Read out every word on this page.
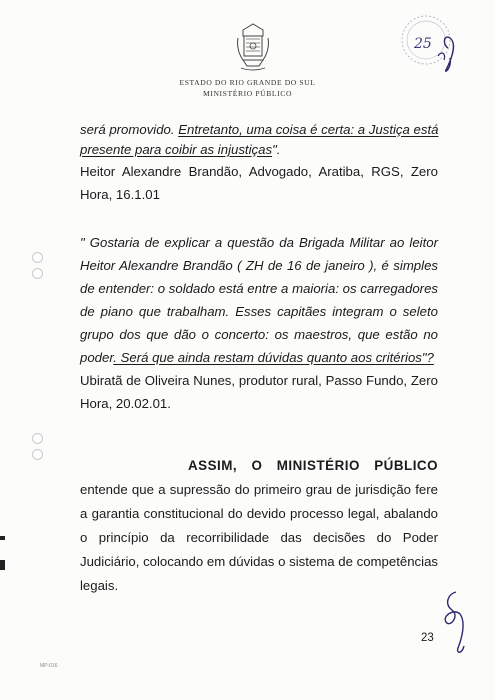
ESTADO DO RIO GRANDE DO SUL
MINISTÉRIO PÚBLICO
25
será promovido. Entretanto, uma coisa é certa: a Justiça está
presente para coibir as injustiças".
Heitor Alexandre Brandão, Advogado, Aratiba, RGS, Zero
Hora, 16.1.01
" Gostaria de explicar a questão da Brigada Militar ao leitor
Heitor Alexandre Brandão ( ZH de 16 de janeiro ), é simples
de entender: o soldado está entre a maioria: os carregadores
de piano que trabalham. Esses capitães integram o seleto
grupo dos que dão o concerto: os maestros, que estão no
poder. Será que ainda restam dúvidas quanto aos critérios"?
Ubiratã de Oliveira Nunes, produtor rural, Passo Fundo, Zero
Hora, 20.02.01.
ASSIM, O MINISTÉRIO PÚBLICO
entende que a supressão do primeiro grau de jurisdição fere
a garantia constitucional do devido processo legal, abalando
o princípio da recorribilidade das decisões do Poder
Judiciário, colocando em dúvidas o sistema de competências
legais.
23
MP-016
